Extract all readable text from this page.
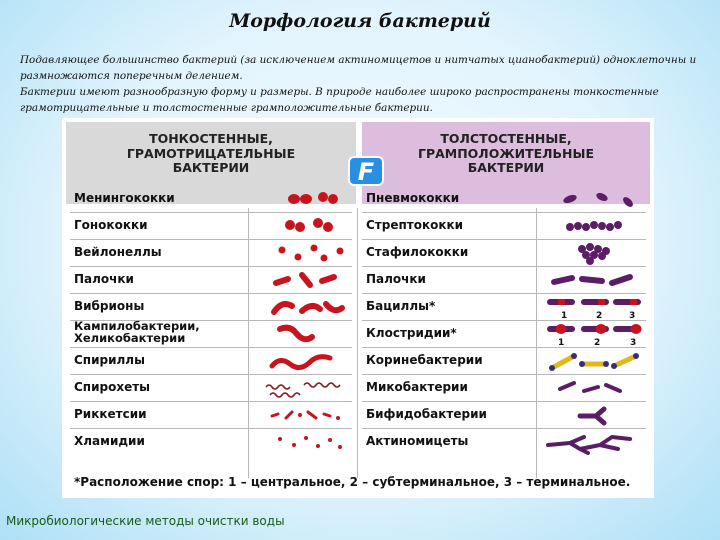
Морфология бактерий

Подавляющее большинство бактерий (за исключением актиномицетов и нитчатых цианобактерий) одноклеточны и размножаются поперечным делением.

Бактерии имеют разнообразную форму и размеры. В природе наиболее широко распространены тонкостенные грамотрицательные и толстостенные грамположительные бактерии.

ТОНКОСТЕННЫЕ,
ГРАМОТРИЦАТЕЛЬНЫЕ
БАКТЕРИИ
ТОЛСТОСТЕННЫЕ,
ГРАМПОЛОЖИТЕЛЬНЫЕ
БАКТЕРИИ
F
Менингококки
Гонококки
Вейлонеллы
Палочки
Вибрионы
Кампилобактерии,
Хеликобактерии
Спириллы
Спирохеты
Риккетсии
Хламидии
Пневмококки
Стрептококки
Стафилококки
Палочки
Бациллы*
1	2	3
Клостридии*
1	2	3
Коринебактерии
Микобактерии
Бифидобактерии
Актиномицеты
*Расположение спор: 1 – центральное, 2 – субтерминальное, 3 – терминальное.
Микробиологические методы очистки воды
